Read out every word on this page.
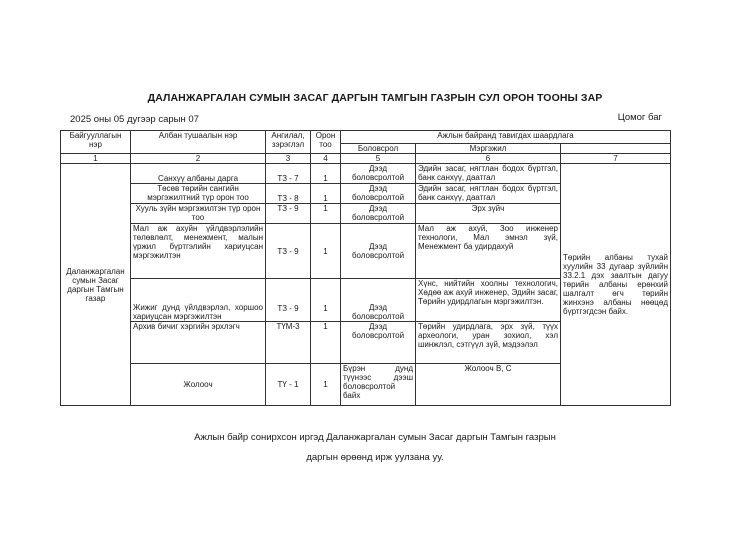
ДАЛАНЖАРГАЛАН СУМЫН ЗАСАГ ДАРГЫН ТАМГЫН ГАЗРЫН СУЛ ОРОН ТООНЫ ЗАР
2025 оны 05 дугээр сарын 07	Цомог баг
Байгууллагын нэр	Албан тушаалын нэр	Ангилал, зэрэглэл	Орон тоо	Ажлын байранд тавигдах шаардлага		
				Боловсрол	Мэргэжил	
1	2	3	4	5	6	7
Даланжаргалан сумын Засаг даргын Тамгын газар	Санхүү албаны дарга	ТЗ - 7	1	Дээд боловсролтой	Эдийн засаг, нягтлан бодох бүртгэл, банк санхүү, даатгал	Төрийн албаны тухай хуулийн 33 дугаар зүйлийн 33.2.1 дэх заалтын дагуу төрийн албаны ерөнхий шалгалт өгч төрийн жинхэнэ албаны нөөцөд бүртгэгдсэн байх.
	Төсөв төрийн сангийн мэргэжилтний түр орон тоо	ТЗ - 8	1	Дээд боловсролтой	Эдийн засаг, нягтлан бодох бүртгэл, банк санхүү, даатгал	
	Хууль зүйн мэргэжилтэн түр орон тоо	ТЗ - 9	1	Дээд боловсролтой	Эрх зүйч	
	Мал аж ахуйн үйлдвэрлэлийн төлөвлөлт, менежмент, малын үржил бүртгэлийн хариуцсан мэргэжилтэн	ТЗ - 9	1	Дээд боловсролтой	Мал аж ахуй, Зоо инженер технологи, Мал эмнэл зүй, Менежмент ба удирдахуй	
	Жижиг дунд үйлдвэрлэл, хоршоо хариуцсан мэргэжилтэн	ТЗ - 9	1	Дээд боловсролтой	Хүнс, нийтийн хоолны технологич, Хөдөө аж ахуй инженер, Эдийн засаг, Төрийн удирдлагын мэргэжилтэн.	
	Архив бичиг хэргийн эрхлэгч	ТҮМ-3	1	Дээд боловсролтой	Төрийн удирдлага, эрх зүй, түүх археологи, уран зохиол, хэл шинжлэл, сэтгүүл зүй, мэдээлэл	
	Жолооч	ТҮ - 1	1	Бүрэн дунд түүнээс дээш боловсролтой байх	Жолооч В, С	
Ажлын байр сонирхсон иргэд Даланжаргалан сумын Засаг даргын Тамгын газрын
даргын өрөөнд ирж уулзана уу.
